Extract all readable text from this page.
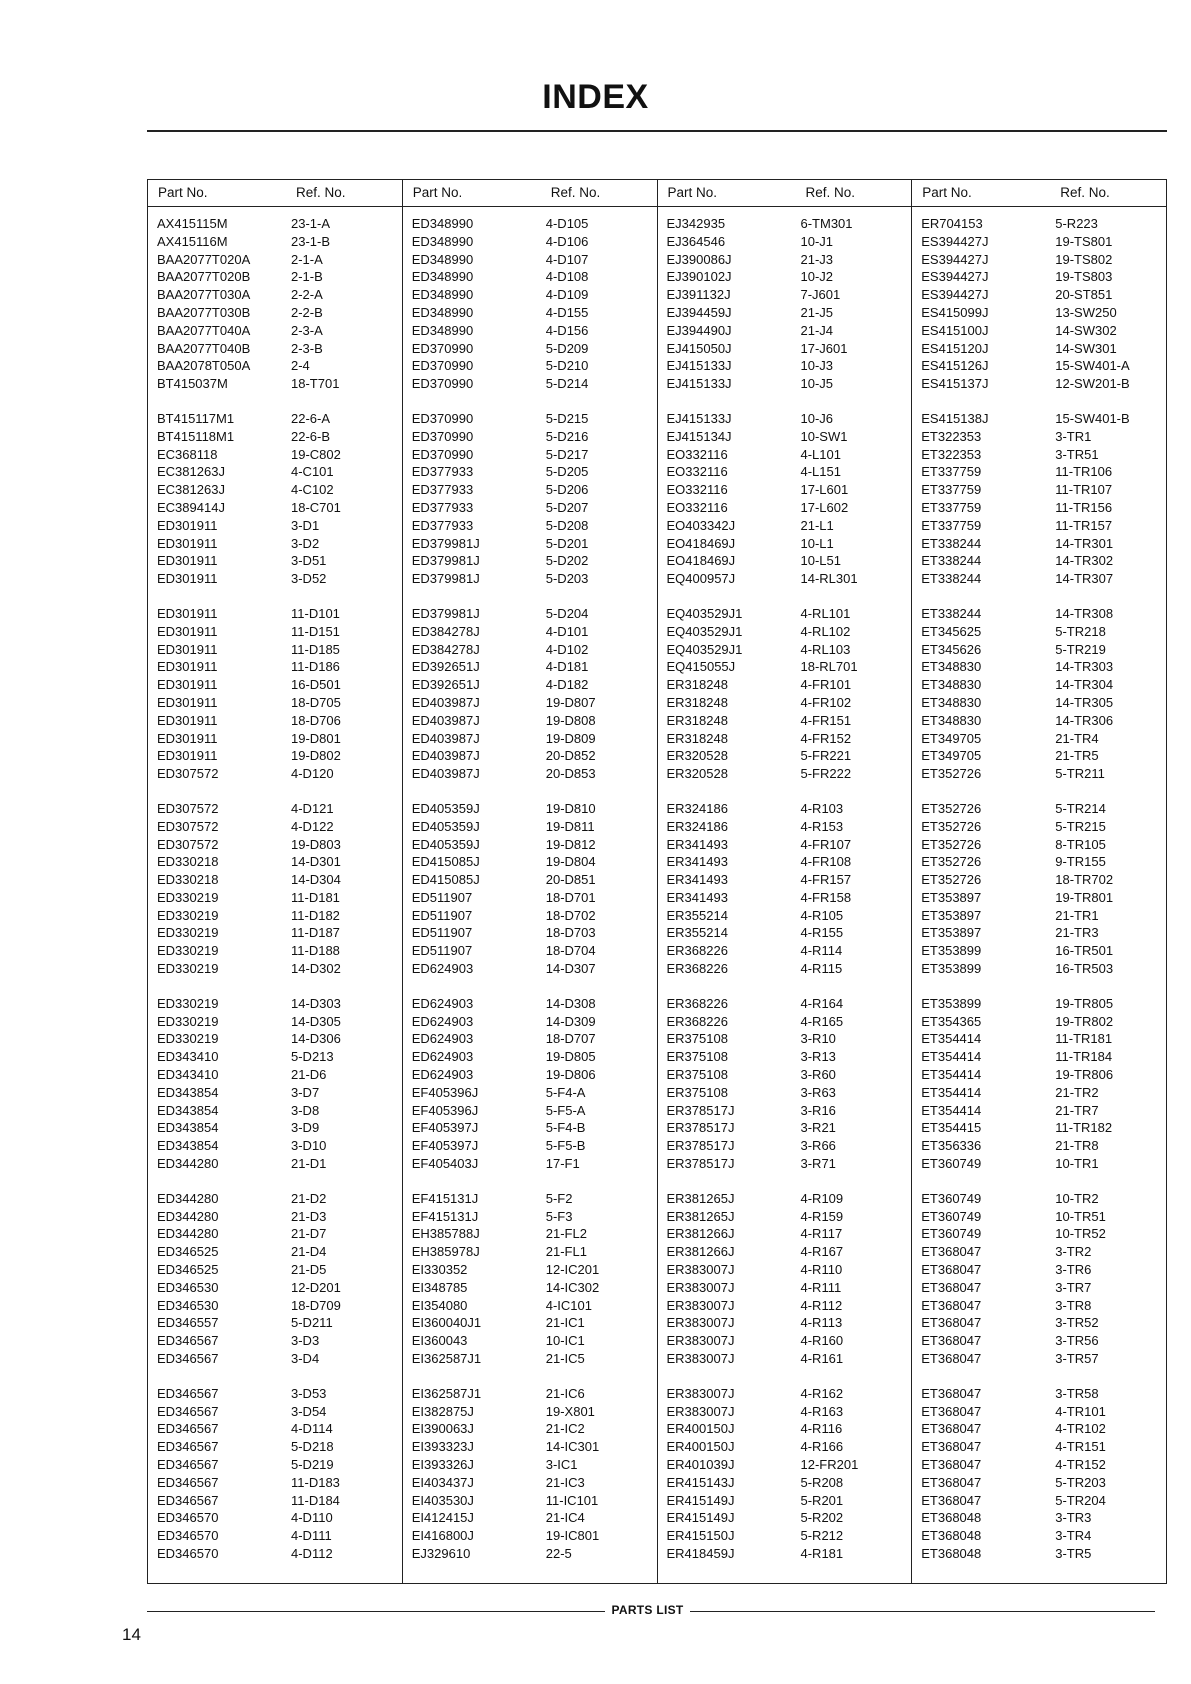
INDEX
Part No.	Ref. No.
AX415115M	23-1-A
AX415116M	23-1-B
BAA2077T020A	2-1-A
BAA2077T020B	2-1-B
BAA2077T030A	2-2-A
BAA2077T030B	2-2-B
BAA2077T040A	2-3-A
BAA2077T040B	2-3-B
BAA2078T050A	2-4
BT415037M	18-T701
BT415117M1	22-6-A
BT415118M1	22-6-B
EC368118	19-C802
EC381263J	4-C101
EC381263J	4-C102
EC389414J	18-C701
ED301911	3-D1
ED301911	3-D2
ED301911	3-D51
ED301911	3-D52
ED301911	11-D101
ED301911	11-D151
ED301911	11-D185
ED301911	11-D186
ED301911	16-D501
ED301911	18-D705
ED301911	18-D706
ED301911	19-D801
ED301911	19-D802
ED307572	4-D120
ED307572	4-D121
ED307572	4-D122
ED307572	19-D803
ED330218	14-D301
ED330218	14-D304
ED330219	11-D181
ED330219	11-D182
ED330219	11-D187
ED330219	11-D188
ED330219	14-D302
ED330219	14-D303
ED330219	14-D305
ED330219	14-D306
ED343410	5-D213
ED343410	21-D6
ED343854	3-D7
ED343854	3-D8
ED343854	3-D9
ED343854	3-D10
ED344280	21-D1
ED344280	21-D2
ED344280	21-D3
ED344280	21-D7
ED346525	21-D4
ED346525	21-D5
ED346530	12-D201
ED346530	18-D709
ED346557	5-D211
ED346567	3-D3
ED346567	3-D4
ED346567	3-D53
ED346567	3-D54
ED346567	4-D114
ED346567	5-D218
ED346567	5-D219
ED346567	11-D183
ED346567	11-D184
ED346570	4-D110
ED346570	4-D111
ED346570	4-D112
Part No.	Ref. No.
ED348990	4-D105
ED348990	4-D106
ED348990	4-D107
ED348990	4-D108
ED348990	4-D109
ED348990	4-D155
ED348990	4-D156
ED370990	5-D209
ED370990	5-D210
ED370990	5-D214
ED370990	5-D215
ED370990	5-D216
ED370990	5-D217
ED377933	5-D205
ED377933	5-D206
ED377933	5-D207
ED377933	5-D208
ED379981J	5-D201
ED379981J	5-D202
ED379981J	5-D203
ED379981J	5-D204
ED384278J	4-D101
ED384278J	4-D102
ED392651J	4-D181
ED392651J	4-D182
ED403987J	19-D807
ED403987J	19-D808
ED403987J	19-D809
ED403987J	20-D852
ED403987J	20-D853
ED405359J	19-D810
ED405359J	19-D811
ED405359J	19-D812
ED415085J	19-D804
ED415085J	20-D851
ED511907	18-D701
ED511907	18-D702
ED511907	18-D703
ED511907	18-D704
ED624903	14-D307
ED624903	14-D308
ED624903	14-D309
ED624903	18-D707
ED624903	19-D805
ED624903	19-D806
EF405396J	5-F4-A
EF405396J	5-F5-A
EF405397J	5-F4-B
EF405397J	5-F5-B
EF405403J	17-F1
EF415131J	5-F2
EF415131J	5-F3
EH385788J	21-FL2
EH385978J	21-FL1
EI330352	12-IC201
EI348785	14-IC302
EI354080	4-IC101
EI360040J1	21-IC1
EI360043	10-IC1
EI362587J1	21-IC5
EI362587J1	21-IC6
EI382875J	19-X801
EI390063J	21-IC2
EI393323J	14-IC301
EI393326J	3-IC1
EI403437J	21-IC3
EI403530J	11-IC101
EI412415J	21-IC4
EI416800J	19-IC801
EJ329610	22-5
Part No.	Ref. No.
EJ342935	6-TM301
EJ364546	10-J1
EJ390086J	21-J3
EJ390102J	10-J2
EJ391132J	7-J601
EJ394459J	21-J5
EJ394490J	21-J4
EJ415050J	17-J601
EJ415133J	10-J3
EJ415133J	10-J5
EJ415133J	10-J6
EJ415134J	10-SW1
EO332116	4-L101
EO332116	4-L151
EO332116	17-L601
EO332116	17-L602
EO403342J	21-L1
EO418469J	10-L1
EO418469J	10-L51
EQ400957J	14-RL301
EQ403529J1	4-RL101
EQ403529J1	4-RL102
EQ403529J1	4-RL103
EQ415055J	18-RL701
ER318248	4-FR101
ER318248	4-FR102
ER318248	4-FR151
ER318248	4-FR152
ER320528	5-FR221
ER320528	5-FR222
ER324186	4-R103
ER324186	4-R153
ER341493	4-FR107
ER341493	4-FR108
ER341493	4-FR157
ER341493	4-FR158
ER355214	4-R105
ER355214	4-R155
ER368226	4-R114
ER368226	4-R115
ER368226	4-R164
ER368226	4-R165
ER375108	3-R10
ER375108	3-R13
ER375108	3-R60
ER375108	3-R63
ER378517J	3-R16
ER378517J	3-R21
ER378517J	3-R66
ER378517J	3-R71
ER381265J	4-R109
ER381265J	4-R159
ER381266J	4-R117
ER381266J	4-R167
ER383007J	4-R110
ER383007J	4-R111
ER383007J	4-R112
ER383007J	4-R113
ER383007J	4-R160
ER383007J	4-R161
ER383007J	4-R162
ER383007J	4-R163
ER400150J	4-R116
ER400150J	4-R166
ER401039J	12-FR201
ER415143J	5-R208
ER415149J	5-R201
ER415149J	5-R202
ER415150J	5-R212
ER418459J	4-R181
Part No.	Ref. No.
ER704153	5-R223
ES394427J	19-TS801
ES394427J	19-TS802
ES394427J	19-TS803
ES394427J	20-ST851
ES415099J	13-SW250
ES415100J	14-SW302
ES415120J	14-SW301
ES415126J	15-SW401-A
ES415137J	12-SW201-B
ES415138J	15-SW401-B
ET322353	3-TR1
ET322353	3-TR51
ET337759	11-TR106
ET337759	11-TR107
ET337759	11-TR156
ET337759	11-TR157
ET338244	14-TR301
ET338244	14-TR302
ET338244	14-TR307
ET338244	14-TR308
ET345625	5-TR218
ET345626	5-TR219
ET348830	14-TR303
ET348830	14-TR304
ET348830	14-TR305
ET348830	14-TR306
ET349705	21-TR4
ET349705	21-TR5
ET352726	5-TR211
ET352726	5-TR214
ET352726	5-TR215
ET352726	8-TR105
ET352726	9-TR155
ET352726	18-TR702
ET353897	19-TR801
ET353897	21-TR1
ET353897	21-TR3
ET353899	16-TR501
ET353899	16-TR503
ET353899	19-TR805
ET354365	19-TR802
ET354414	11-TR181
ET354414	11-TR184
ET354414	19-TR806
ET354414	21-TR2
ET354414	21-TR7
ET354415	11-TR182
ET356336	21-TR8
ET360749	10-TR1
ET360749	10-TR2
ET360749	10-TR51
ET360749	10-TR52
ET368047	3-TR2
ET368047	3-TR6
ET368047	3-TR7
ET368047	3-TR8
ET368047	3-TR52
ET368047	3-TR56
ET368047	3-TR57
ET368047	3-TR58
ET368047	4-TR101
ET368047	4-TR102
ET368047	4-TR151
ET368047	4-TR152
ET368047	5-TR203
ET368047	5-TR204
ET368048	3-TR3
ET368048	3-TR4
ET368048	3-TR5
PARTS LIST
14
